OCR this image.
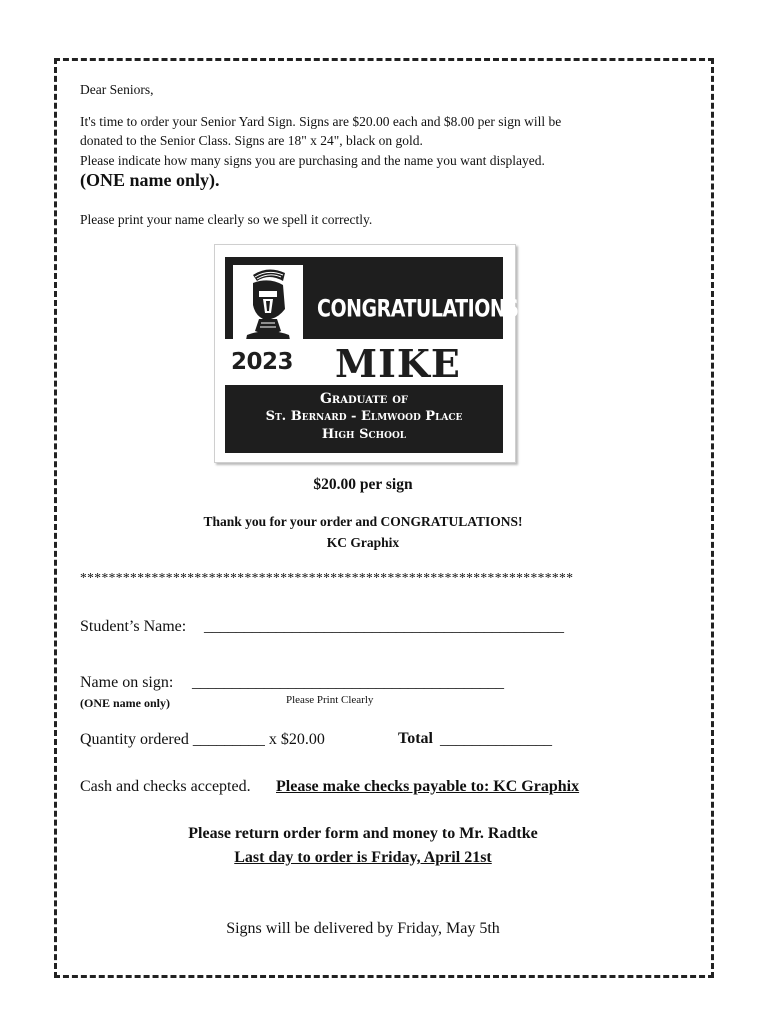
Dear Seniors,
It's time to order your Senior Yard Sign. Signs are $20.00 each and $8.00 per sign will be
donated to the Senior Class. Signs are 18" x 24", black on gold.
Please indicate how many signs you are purchasing and the name you want displayed.
(ONE name only).
Please print your name clearly so we spell it correctly.
CONGRATULATIONS
2023 MIKE
Graduate of
St. Bernard - Elmwood Place
High School
$20.00 per sign
Thank you for your order and CONGRATULATIONS!
KC Graphix
*********************************************************************
Student’s Name: _____________________________________________
Name on sign: _______________________________________
(ONE name only)	Please Print Clearly
Quantity ordered _________ x $20.00	Total ______________
Cash and checks accepted. Please make checks payable to: KC Graphix
Please return order form and money to Mr. Radtke
Last day to order is Friday, April 21st
Signs will be delivered by Friday, May 5th
